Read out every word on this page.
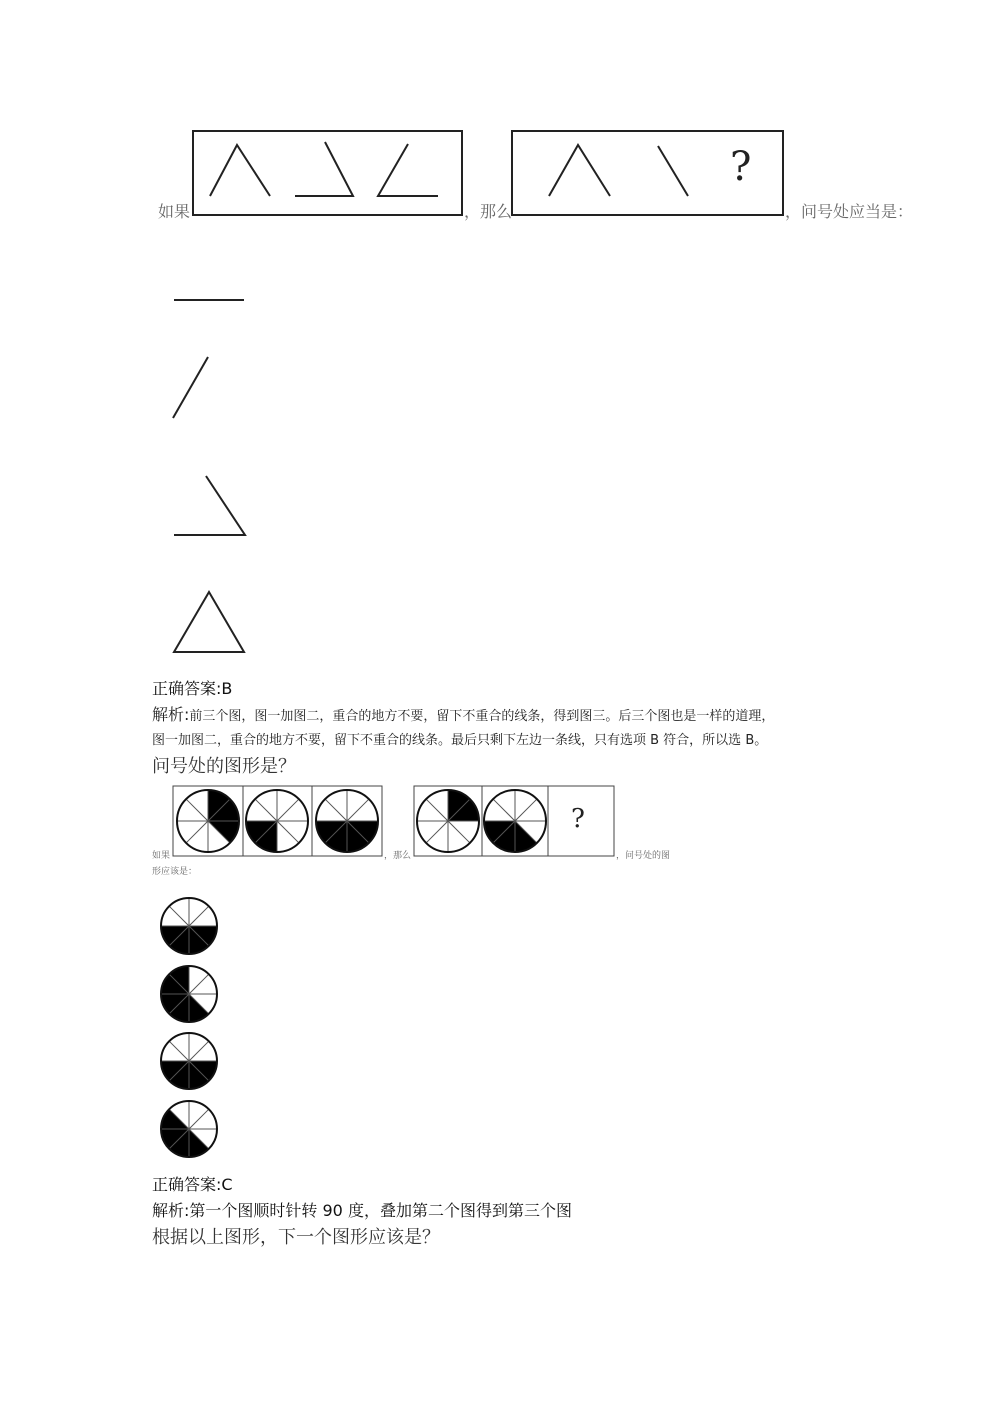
如果
?
，那么	，问号处应当是：
正确答案:B
解析:前三个图，图一加图二，重合的地方不要，留下不重合的线条，得到图三。后三个图也是一样的道理，
图一加图二，重合的地方不要，留下不重合的线条。最后只剩下左边一条线，只有选项 B 符合，所以选 B。
问号处的图形是？
?
如果	，那么	，问号处的图
形应该是：
正确答案:C
解析:第一个图顺时针转 90 度，叠加第二个图得到第三个图
根据以上图形，下一个图形应该是？
